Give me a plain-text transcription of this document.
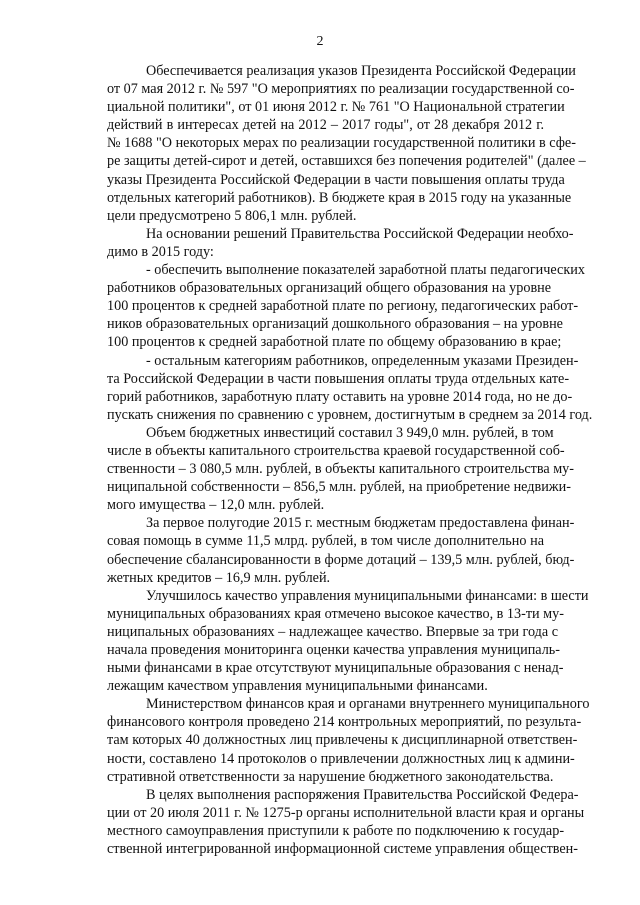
2

Обеспечивается реализация указов Президента Российской Федерации
от 07 мая 2012 г. № 597 "О мероприятиях по реализации государственной со-
циальной политики", от 01 июня 2012 г. № 761 "О Национальной стратегии
действий в интересах детей на 2012 – 2017 годы", от 28 декабря 2012 г.
№ 1688 "О некоторых мерах по реализации государственной политики в сфе-
ре защиты детей-сирот и детей, оставшихся без попечения родителей" (далее –
указы Президента Российской Федерации в части повышения оплаты труда
отдельных категорий работников). В бюджете края в 2015 году на указанные
цели предусмотрено 5 806,1 млн. рублей.

На основании решений Правительства Российской Федерации необхо-
димо в 2015 году:

- обеспечить выполнение показателей заработной платы педагогических
работников образовательных организаций общего образования на уровне
100 процентов к средней заработной плате по региону, педагогических работ-
ников образовательных организаций дошкольного образования – на уровне
100 процентов к средней заработной плате по общему образованию в крае;

- остальным категориям работников, определенным указами Президен-
та Российской Федерации в части повышения оплаты труда отдельных кате-
горий работников, заработную плату оставить на уровне 2014 года, но не до-
пускать снижения по сравнению с уровнем, достигнутым в среднем за 2014 год.

Объем бюджетных инвестиций составил 3 949,0 млн. рублей, в том
числе в объекты капитального строительства краевой государственной соб-
ственности – 3 080,5 млн. рублей, в объекты капитального строительства му-
ниципальной собственности – 856,5 млн. рублей, на приобретение недвижи-
мого имущества – 12,0 млн. рублей.

За первое полугодие 2015 г. местным бюджетам предоставлена финан-
совая помощь в сумме 11,5 млрд. рублей, в том числе дополнительно на
обеспечение сбалансированности в форме дотаций – 139,5 млн. рублей, бюд-
жетных кредитов – 16,9 млн. рублей.

Улучшилось качество управления муниципальными финансами: в шести
муниципальных образованиях края отмечено высокое качество, в 13-ти му-
ниципальных образованиях – надлежащее качество. Впервые за три года с
начала проведения мониторинга оценки качества управления муниципаль-
ными финансами в крае отсутствуют муниципальные образования с ненад-
лежащим качеством управления муниципальными финансами.

Министерством финансов края и органами внутреннего муниципального
финансового контроля проведено 214 контрольных мероприятий, по результа-
там которых 40 должностных лиц привлечены к дисциплинарной ответствен-
ности, составлено 14 протоколов о привлечении должностных лиц к админи-
стративной ответственности за нарушение бюджетного законодательства.

В целях выполнения распоряжения Правительства Российской Федера-
ции от 20 июля 2011 г. № 1275-р органы исполнительной власти края и органы
местного самоуправления приступили к работе по подключению к государ-
ственной интегрированной информационной системе управления обществен-
